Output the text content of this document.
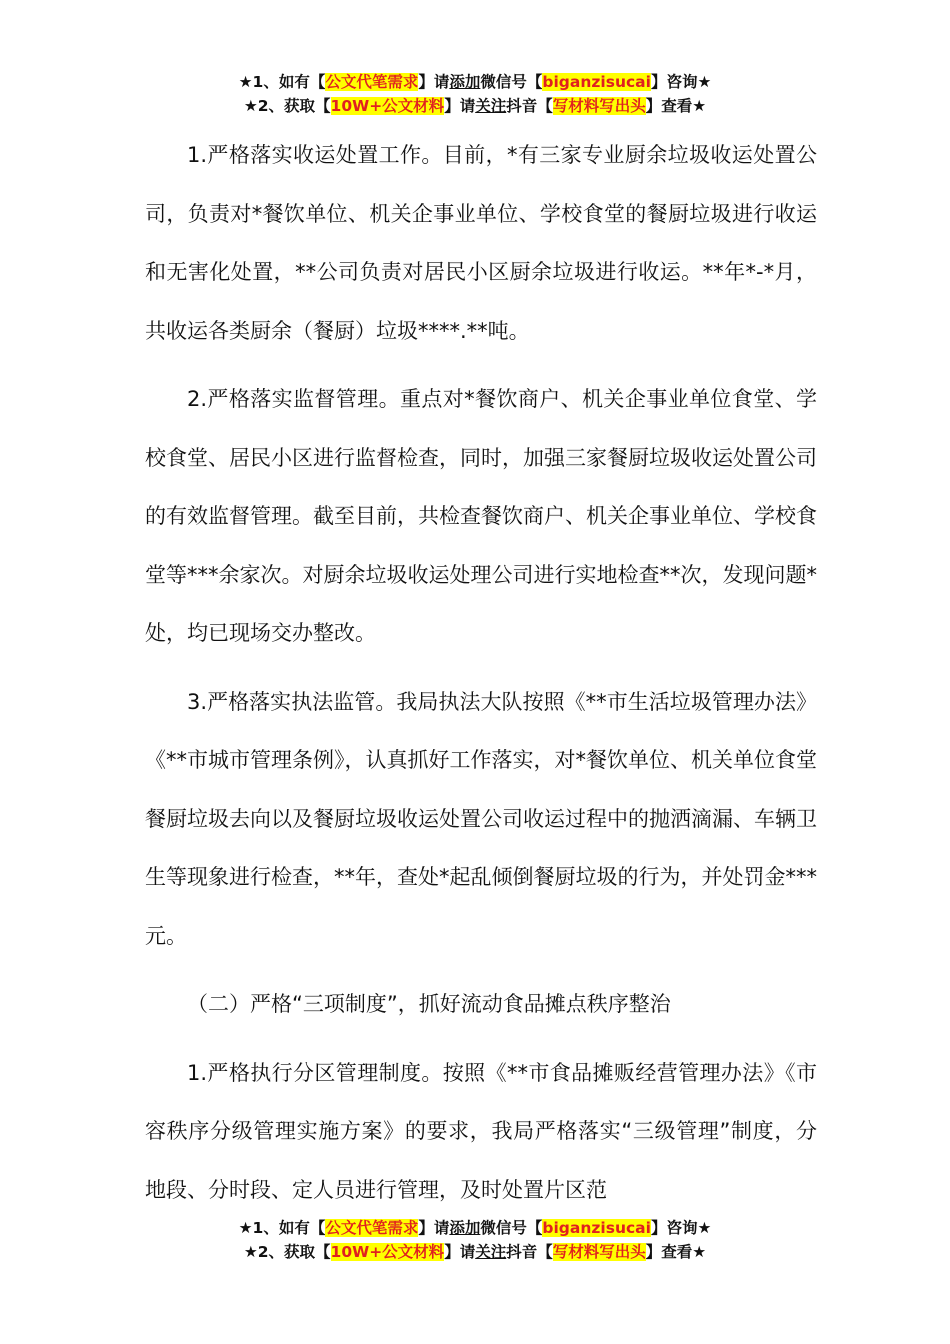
★1、如有【公文代笔需求】请添加微信号【biganzisucai】咨询★
★2、获取【10W+公文材料】请关注抖音【写材料写出头】查看★

1.严格落实收运处置工作。目前，*有三家专业厨余垃圾收运处置公司，负责对*餐饮单位、机关企事业单位、学校食堂的餐厨垃圾进行收运和无害化处置，**公司负责对居民小区厨余垃圾进行收运。**年*-*月，共收运各类厨余（餐厨）垃圾****.**吨。

2.严格落实监督管理。重点对*餐饮商户、机关企事业单位食堂、学校食堂、居民小区进行监督检查，同时，加强三家餐厨垃圾收运处置公司的有效监督管理。截至目前，共检查餐饮商户、机关企事业单位、学校食堂等***余家次。对厨余垃圾收运处理公司进行实地检查**次，发现问题*处，均已现场交办整改。

3.严格落实执法监管。我局执法大队按照《**市生活垃圾管理办法》《**市城市管理条例》，认真抓好工作落实，对*餐饮单位、机关单位食堂餐厨垃圾去向以及餐厨垃圾收运处置公司收运过程中的抛洒滴漏、车辆卫生等现象进行检查，**年，查处*起乱倾倒餐厨垃圾的行为，并处罚金***元。

（二）严格“三项制度”，抓好流动食品摊点秩序整治

1.严格执行分区管理制度。按照《**市食品摊贩经营管理办法》《市容秩序分级管理实施方案》的要求，我局严格落实“三级管理”制度，分地段、分时段、定人员进行管理，及时处置片区范

★1、如有【公文代笔需求】请添加微信号【biganzisucai】咨询★
★2、获取【10W+公文材料】请关注抖音【写材料写出头】查看★
